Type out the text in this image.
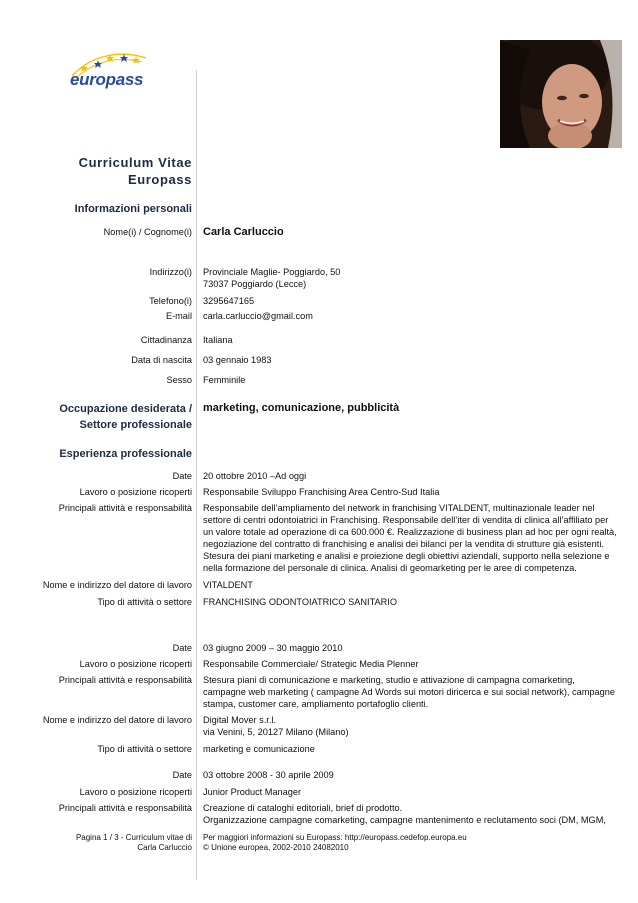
europass
Curriculum Vitae
Europass
Informazioni personali
Nome(i) / Cognome(i) Carla Carluccio
Indirizzo(i) Provinciale Maglie- Poggiardo, 50
73037 Poggiardo (Lecce)
Telefono(i) 3295647165
E-mail carla.carluccio@gmail.com
Cittadinanza Italiana
Data di nascita 03 gennaio 1983
Sesso Femminile
Occupazione desiderata /
Settore professionale
marketing, comunicazione, pubblicità
Esperienza professionale
Date 20 ottobre 2010 –Ad oggi
Lavoro o posizione ricoperti Responsabile Sviluppo Franchising Area Centro-Sud Italia
Principali attività e responsabilità Responsabile dell’ampliamento del network in franchising VITALDENT, multinazionale leader nel
settore di centri odontoiatrici in Franchising. Responsabile dell’iter di vendita di clinica all’affiliato per
un valore totale ad operazione di ca 600.000 €. Realizzazione di business plan ad hoc per ogni realtà,
negoziazione del contratto di franchising e analisi dei bilanci per la vendita di strutture già esistenti.
Stesura dei piani marketing e analisi e proiezione degli obiettivi aziendali, supporto nella selezione e
nella formazione del personale di clinica. Analisi di geomarketing per le aree di competenza.
Nome e indirizzo del datore di lavoro VITALDENT
Tipo di attività o settore FRANCHISING ODONTOIATRICO SANITARIO
Date 03 giugno 2009 – 30 maggio 2010
Lavoro o posizione ricoperti Responsabile Commerciale/ Strategic Media Plenner
Principali attività e responsabilità Stesura piani di comunicazione e marketing, studio e attivazione di campagna comarketing,
campagne web marketing ( campagne Ad Words sui motori diricerca e sui social network), campagne
stampa, customer care, ampliamento portafoglio clienti.
Nome e indirizzo del datore di lavoro Digital Mover s.r.l.
via Venini, 5, 20127 Milano (Milano)
Tipo di attività o settore marketing e comunicazione
Date 03 ottobre 2008 - 30 aprile 2009
Lavoro o posizione ricoperti Junior Product Manager
Principali attività e responsabilità Creazione di cataloghi editoriali, brief di prodotto.
Organizzazione campagne comarketing, campagne mantenimento e reclutamento soci (DM, MGM,
Pagina 1 / 3 - Curriculum vitae di
Carla Carluccio
Per maggiori informazioni su Europass: http://europass.cedefop.europa.eu
© Unione europea, 2002-2010 24082010
